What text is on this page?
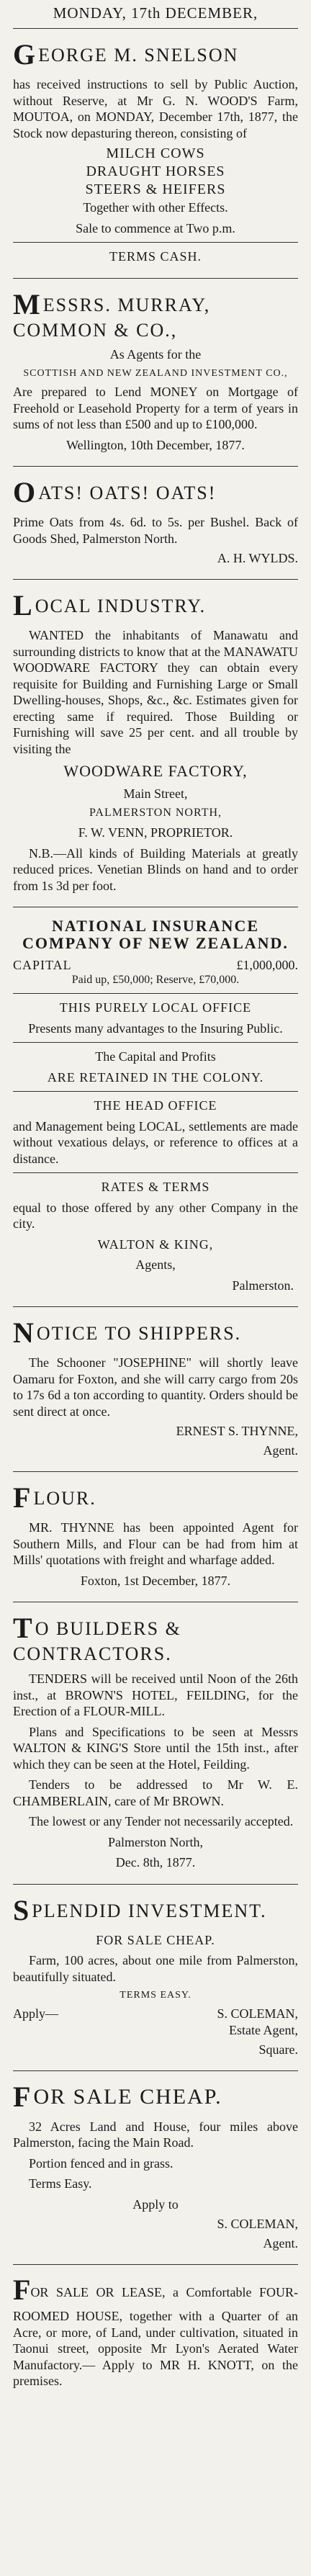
MONDAY, 17th DECEMBER,
GEORGE M. SNELSON

has received instructions to sell by Public Auction, without Reserve, at Mr G. N. WOOD'S Farm, MOUTOA, on MONDAY, December 17th, 1877, the Stock now depasturing thereon, consisting of

MILCH COWS
DRAUGHT HORSES
STEERS & HEIFERS

Together with other Effects.

Sale to commence at Two p.m.

TERMS CASH.

MESSRS. MURRAY, COMMON & CO.,

As Agents for the

SCOTTISH AND NEW ZEALAND INVESTMENT CO.,

Are prepared to Lend MONEY on Mortgage of Freehold or Leasehold Property for a term of years in sums of not less than £500 and up to £100,000.

Wellington, 10th December, 1877.

OATS! OATS! OATS!

Prime Oats from 4s. 6d. to 5s. per Bushel. Back of Goods Shed, Palmerston North.

A. H. WYLDS.
LOCAL INDUSTRY.

WANTED the inhabitants of Manawatu and surrounding districts to know that at the MANAWATU WOODWARE FACTORY they can obtain every requisite for Building and Furnishing Large or Small Dwelling-houses, Shops, &c., &c. Estimates given for erecting same if required. Those Building or Furnishing will save 25 per cent. and all trouble by visiting the

WOODWARE FACTORY,

Main Street,

PALMERSTON NORTH,

F. W. VENN, PROPRIETOR.

N.B.—All kinds of Building Materials at greatly reduced prices. Venetian Blinds on hand and to order from 1s 3d per foot.

NATIONAL INSURANCE COMPANY OF NEW ZEALAND.
CAPITAL	£1,000,000.

Paid up, £50,000; Reserve, £70,000.

THIS PURELY LOCAL OFFICE

Presents many advantages to the Insuring Public.

The Capital and Profits

ARE RETAINED IN THE COLONY.

THE HEAD OFFICE

and Management being LOCAL, settlements are made without vexatious delays, or reference to offices at a distance.

RATES & TERMS

equal to those offered by any other Company in the city.

WALTON & KING,

Agents,

Palmerston.

NOTICE TO SHIPPERS.

The Schooner "JOSEPHINE" will shortly leave Oamaru for Foxton, and she will carry cargo from 20s to 17s 6d a ton according to quantity. Orders should be sent direct at once.

ERNEST S. THYNNE,
Agent.
FLOUR.

MR. THYNNE has been appointed Agent for Southern Mills, and Flour can be had from him at Mills' quotations with freight and wharfage added.

Foxton, 1st December, 1877.

TO BUILDERS & CONTRACTORS.

TENDERS will be received until Noon of the 26th inst., at BROWN'S HOTEL, FEILDING, for the Erection of a FLOUR-MILL.

Plans and Specifications to be seen at Messrs WALTON & KING'S Store until the 15th inst., after which they can be seen at the Hotel, Feilding.

Tenders to be addressed to Mr W. E. CHAMBERLAIN, care of Mr BROWN.

The lowest or any Tender not necessarily accepted.

Palmerston North,

Dec. 8th, 1877.

SPLENDID INVESTMENT.

FOR SALE CHEAP.

Farm, 100 acres, about one mile from Palmerston, beautifully situated.

TERMS EASY.

Apply—	S. COLEMAN,
Estate Agent,
Square.
FOR SALE CHEAP.

32 Acres Land and House, four miles above Palmerston, facing the Main Road.

Portion fenced and in grass.

Terms Easy.

Apply to

S. COLEMAN,
Agent.

FOR SALE OR LEASE, a Comfortable FOUR-ROOMED HOUSE, together with a Quarter of an Acre, or more, of Land, under cultivation, situated in Taonui street, opposite Mr Lyon's Aerated Water Manufactory.— Apply to MR H. KNOTT, on the premises.
